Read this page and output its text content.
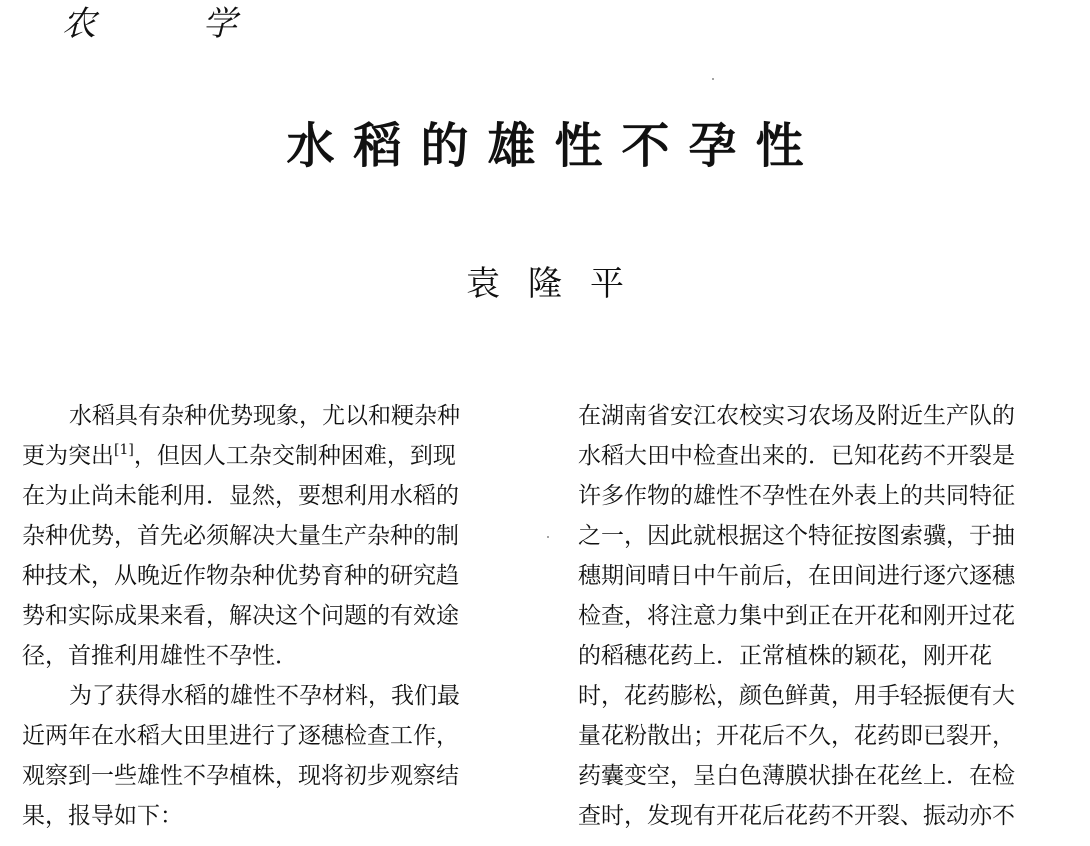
农 学
水稻的雄性不孕性
袁隆平
水稻具有杂种优势现象，尤以和粳杂种
更为突出[1]，但因人工杂交制种困难，到现
在为止尚未能利用．显然，要想利用水稻的
杂种优势，首先必须解决大量生产杂种的制
种技术，从晚近作物杂种优势育种的研究趋
势和实际成果来看，解决这个问题的有效途
径，首推利用雄性不孕性．
为了获得水稻的雄性不孕材料，我们最
近两年在水稻大田里进行了逐穗检查工作，
观察到一些雄性不孕植株，现将初步观察结
果，报导如下：
在湖南省安江农校实习农场及附近生产队的
水稻大田中检查出来的．已知花药不开裂是
许多作物的雄性不孕性在外表上的共同特征
之一，因此就根据这个特征按图索骥，于抽
穗期间晴日中午前后，在田间进行逐穴逐穗
检查，将注意力集中到正在开花和刚开过花
的稻穗花药上．正常植株的颖花，刚开花
时，花药膨松，颜色鲜黄，用手轻振便有大
量花粉散出；开花后不久，花药即已裂开，
药囊变空，呈白色薄膜状掛在花丝上．在检
查时，发现有开花后花药不开裂、振动亦不
